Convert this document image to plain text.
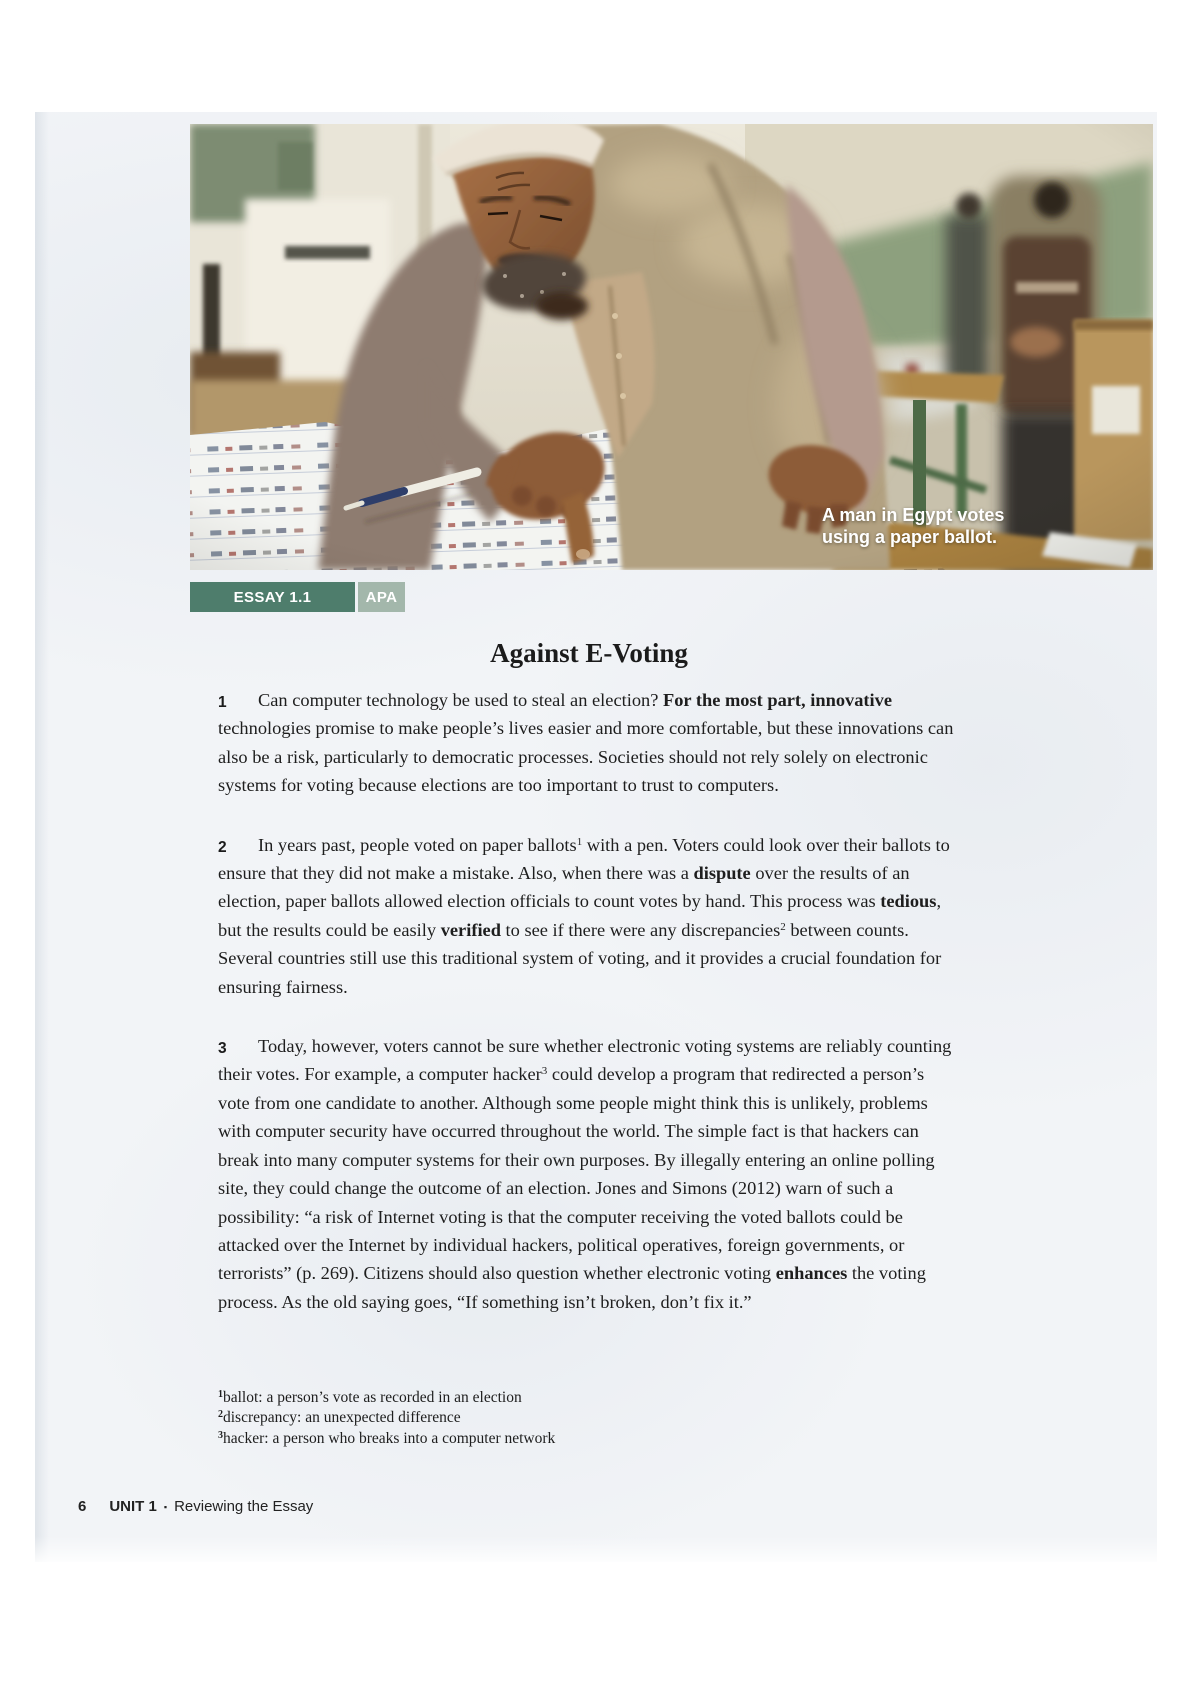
A man in Egypt votes
using a paper ballot.
ESSAY 1.1	APA
Against E-Voting

1 Can computer technology be used to steal an election? For the most part, innovative technologies promise to make people’s lives easier and more comfortable, but these innovations can also be a risk, particularly to democratic processes. Societies should not rely solely on electronic systems for voting because elections are too important to trust to computers.

2 In years past, people voted on paper ballots$^1$ with a pen. Voters could look over their ballots to ensure that they did not make a mistake. Also, when there was a dispute over the results of an election, paper ballots allowed election officials to count votes by hand. This process was tedious, but the results could be easily verified to see if there were any discrepancies$^2$ between counts. Several countries still use this traditional system of voting, and it provides a crucial foundation for ensuring fairness.

3 Today, however, voters cannot be sure whether electronic voting systems are reliably counting their votes. For example, a computer hacker$^3$ could develop a program that redirected a person’s vote from one candidate to another. Although some people might think this is unlikely, problems with computer security have occurred throughout the world. The simple fact is that hackers can break into many computer systems for their own purposes. By illegally entering an online polling site, they could change the outcome of an election. Jones and Simons (2012) warn of such a possibility: “a risk of Internet voting is that the computer receiving the voted ballots could be attacked over the Internet by individual hackers, political operatives, foreign governments, or terrorists” (p. 269). Citizens should also question whether electronic voting enhances the voting process. As the old saying goes, “If something isn’t broken, don’t fix it.”

$^1$ballot: a person’s vote as recorded in an election
$^2$discrepancy: an unexpected difference
$^3$hacker: a person who breaks into a computer network
6 UNIT 1 ▪ Reviewing the Essay
